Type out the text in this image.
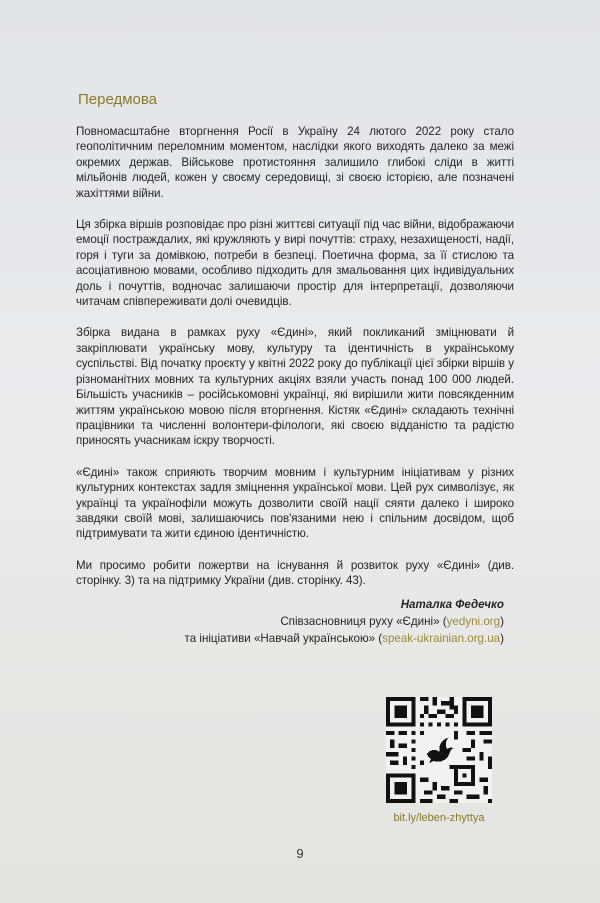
Передмова

Повномасштабне вторгнення Росії в Україну 24 лютого 2022 року стало геополітичним переломним моментом, наслідки якого виходять далеко за межі окремих держав. Військове протистояння залишило глибокі сліди в житті мільйонів людей, кожен у своєму середовищі, зі своєю історією, але позначені жахіттями війни.

Ця збірка віршів розповідає про різні життєві ситуації під час війни, відображаючи емоції постраждалих, які кружляють у вирі почуттів: страху, незахищеності, надії, горя і туги за домівкою, потреби в безпеці. Поетична форма, за її стислою та асоціативною мовами, особливо підходить для змальовання цих індивідуальних доль і почуттів, водночас залишаючи простір для інтерпретації, дозволяючи читачам співпереживати долі очевидців.

Збірка видана в рамках руху «Єдині», який покликаний зміцнювати й закріплювати українську мову, культуру та ідентичність в українському суспільстві. Від початку проєкту у квітні 2022 року до публікації цієї збірки віршів у різноманітних мовних та культурних акціях взяли участь понад 100 000 людей. Більшість учасників – російськомовні українці, які вирішили жити повсякденним життям українською мовою після вторгнення. Кістяк «Єдині» складають технічні працівники та численні волонтери-філологи, які своєю відданістю та радістю приносять учасникам іскру творчості.

«Єдині» також сприяють творчим мовним і культурним ініціативам у різних культурних контекстах задля зміцнення української мови. Цей рух символізує, як українці та українофіли можуть дозволити своїй нації сяяти далеко і широко завдяки своїй мові, залишаючись пов'язаними нею і спільним досвідом, щоб підтримувати та жити єдиною ідентичністю.

Ми просимо робити пожертви на існування й розвиток руху «Єдині» (див. сторінку. 3) та на підтримку України (див. сторінку. 43).

Наталка Федечко
Співзасновниця руху «Єдині» (yedyni.org)
та ініціативи «Навчай українською» (speak-ukrainian.org.ua)
bit.ly/leben-zhyttya
9
